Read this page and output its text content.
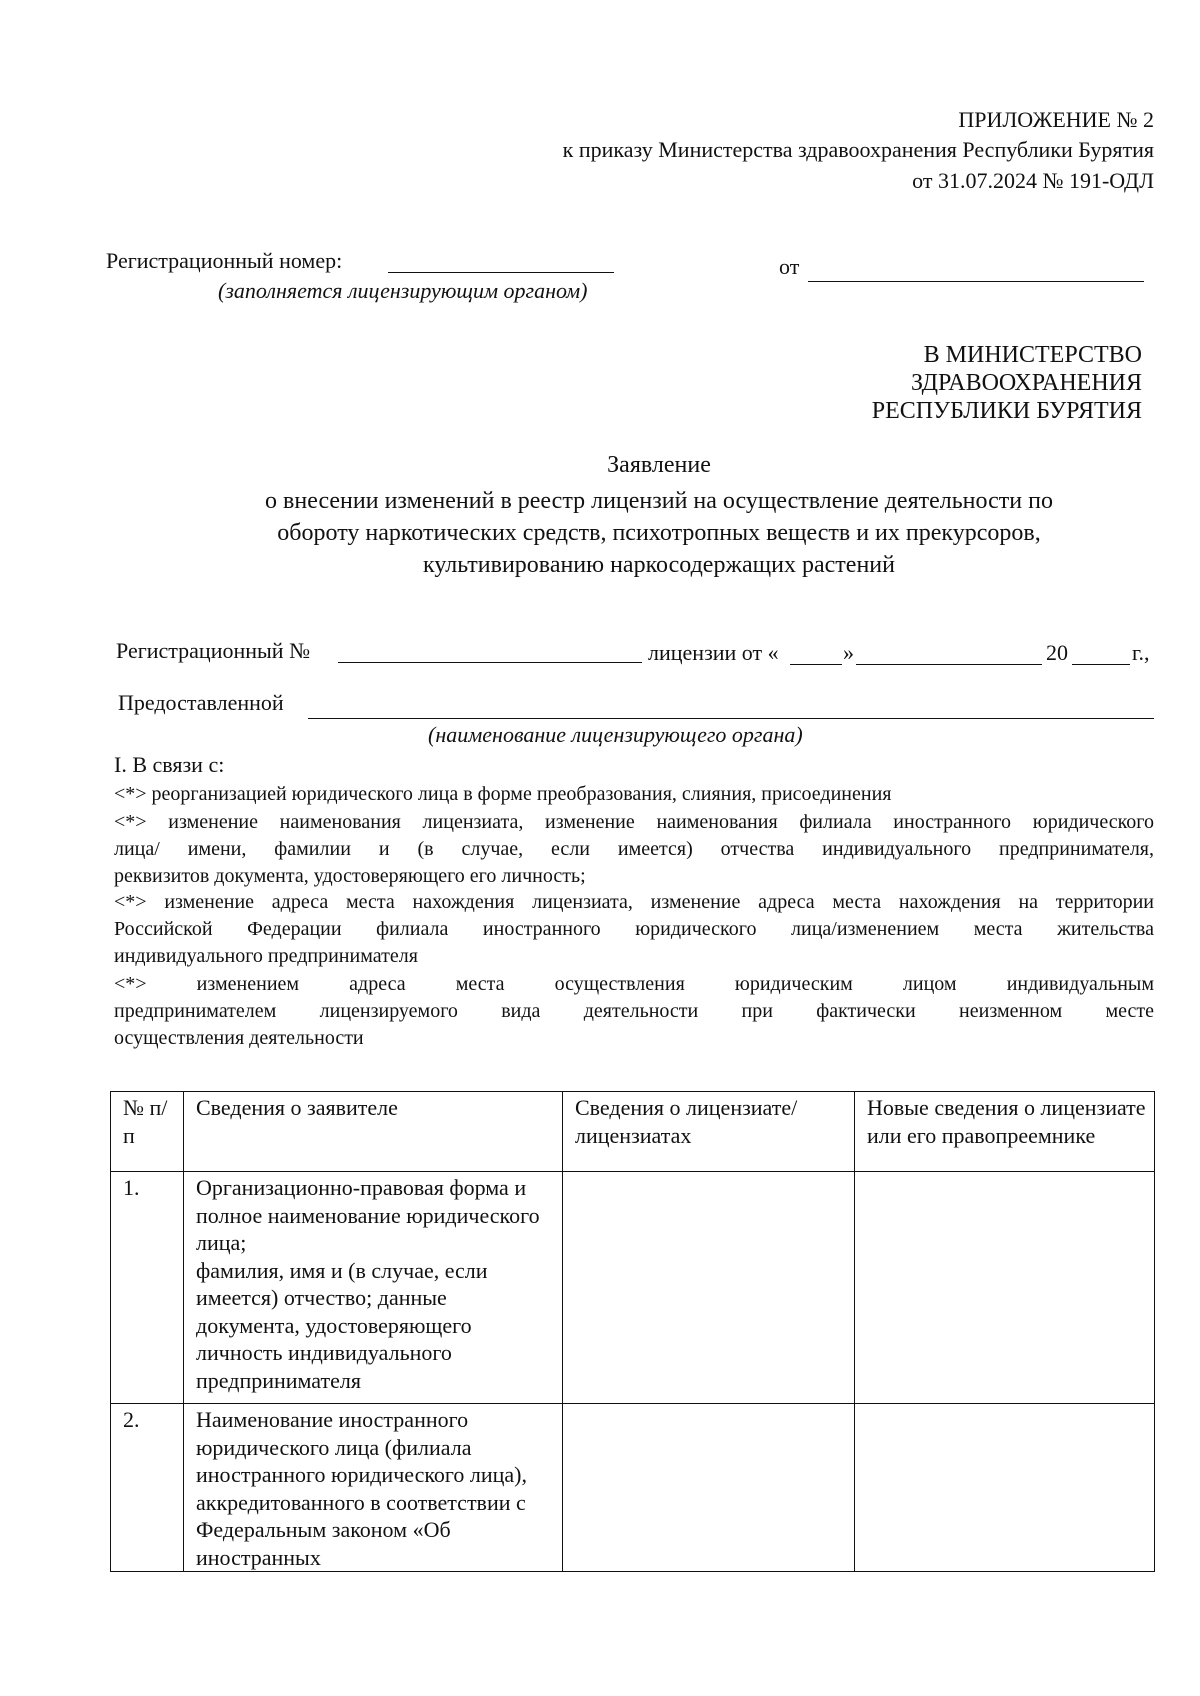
ПРИЛОЖЕНИЕ № 2
к приказу Министерства здравоохранения Республики Бурятия
от 31.07.2024 № 191-ОДЛ
Регистрационный номер:
(заполняется лицензирующим органом)
от
В МИНИСТЕРСТВО
ЗДРАВООХРАНЕНИЯ
РЕСПУБЛИКИ БУРЯТИЯ
Заявление
о внесении изменений в реестр лицензий на осуществление деятельности по
обороту наркотических средств, психотропных веществ и их прекурсоров,
культивированию наркосодержащих растений
Регистрационный №	лицензии от «	»	20	г.,
Предоставленной
(наименование лицензирующего органа)
I. В связи с:
<*> реорганизацией юридического лица в форме преобразования, слияния, присоединения
<*> изменение наименования лицензиата, изменение наименования филиала иностранного юридического
лица/ имени, фамилии и (в случае, если имеется) отчества индивидуального предпринимателя,
реквизитов документа, удостоверяющего его личность;
<*> изменение адреса места нахождения лицензиата, изменение адреса места нахождения на территории
Российской Федерации филиала иностранного юридического лица/изменением места жительства
индивидуального предпринимателя
<*> изменением адреса места осуществления юридическим лицом индивидуальным
предпринимателем лицензируемого вида деятельности при фактически неизменном месте
осуществления деятельности
№ п/п	Сведения о заявителе	Сведения о лицензиате/лицензиатах	Новые сведения о лицензиате или его правопреемнике
1.	Организационно-правовая форма и полное наименование юридического лица;
фамилия, имя и (в случае, если имеется) отчество; данные документа, удостоверяющего личность индивидуального предпринимателя		
2.	Наименование иностранного юридического лица (филиала иностранного юридического лица), аккредитованного в соответствии с Федеральным законом «Об иностранных		
